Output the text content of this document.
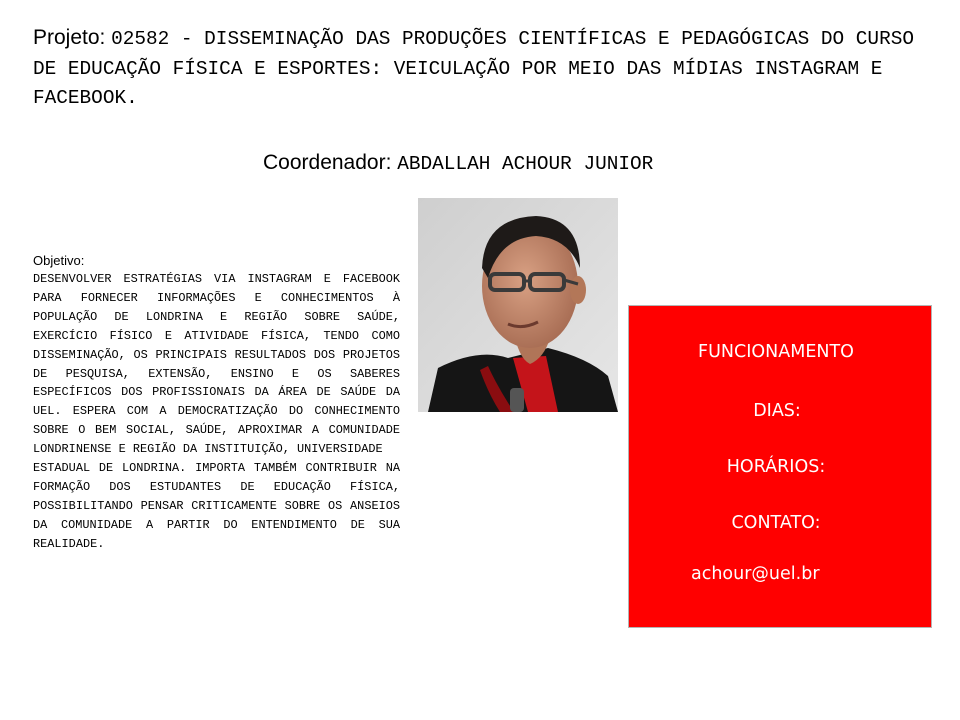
Projeto: 02582 - DISSEMINAÇÃO DAS PRODUÇÕES CIENTÍFICAS E PEDAGÓGICAS DO CURSO DE EDUCAÇÃO FÍSICA E ESPORTES: VEICULAÇÃO POR MEIO DAS MÍDIAS INSTAGRAM E FACEBOOK.
Coordenador: ABDALLAH ACHOUR JUNIOR
Objetivo:
DESENVOLVER ESTRATÉGIAS VIA INSTAGRAM E FACEBOOK PARA FORNECER INFORMAÇÕES E CONHECIMENTOS À POPULAÇÃO DE LONDRINA E REGIÃO SOBRE SAÚDE, EXERCÍCIO FÍSICO E ATIVIDADE FÍSICA, TENDO COMO DISSEMINAÇÃO, OS PRINCIPAIS RESULTADOS DOS PROJETOS DE PESQUISA, EXTENSÃO, ENSINO E OS SABERES ESPECÍFICOS DOS PROFISSIONAIS DA ÁREA DE SAÚDE DA UEL. ESPERA COM A DEMOCRATIZAÇÃO DO CONHECIMENTO SOBRE O BEM SOCIAL, SAÚDE, APROXIMAR A COMUNIDADE LONDRINENSE E REGIÃO DA INSTITUIÇÃO, UNIVERSIDADE
ESTADUAL DE LONDRINA. IMPORTA TAMBÉM CONTRIBUIR NA FORMAÇÃO DOS ESTUDANTES DE EDUCAÇÃO FÍSICA, POSSIBILITANDO PENSAR CRITICAMENTE SOBRE OS ANSEIOS DA COMUNIDADE A PARTIR DO ENTENDIMENTO DE SUA REALIDADE.
FUNCIONAMENTO
DIAS:
HORÁRIOS:
CONTATO:
achour@uel.br
